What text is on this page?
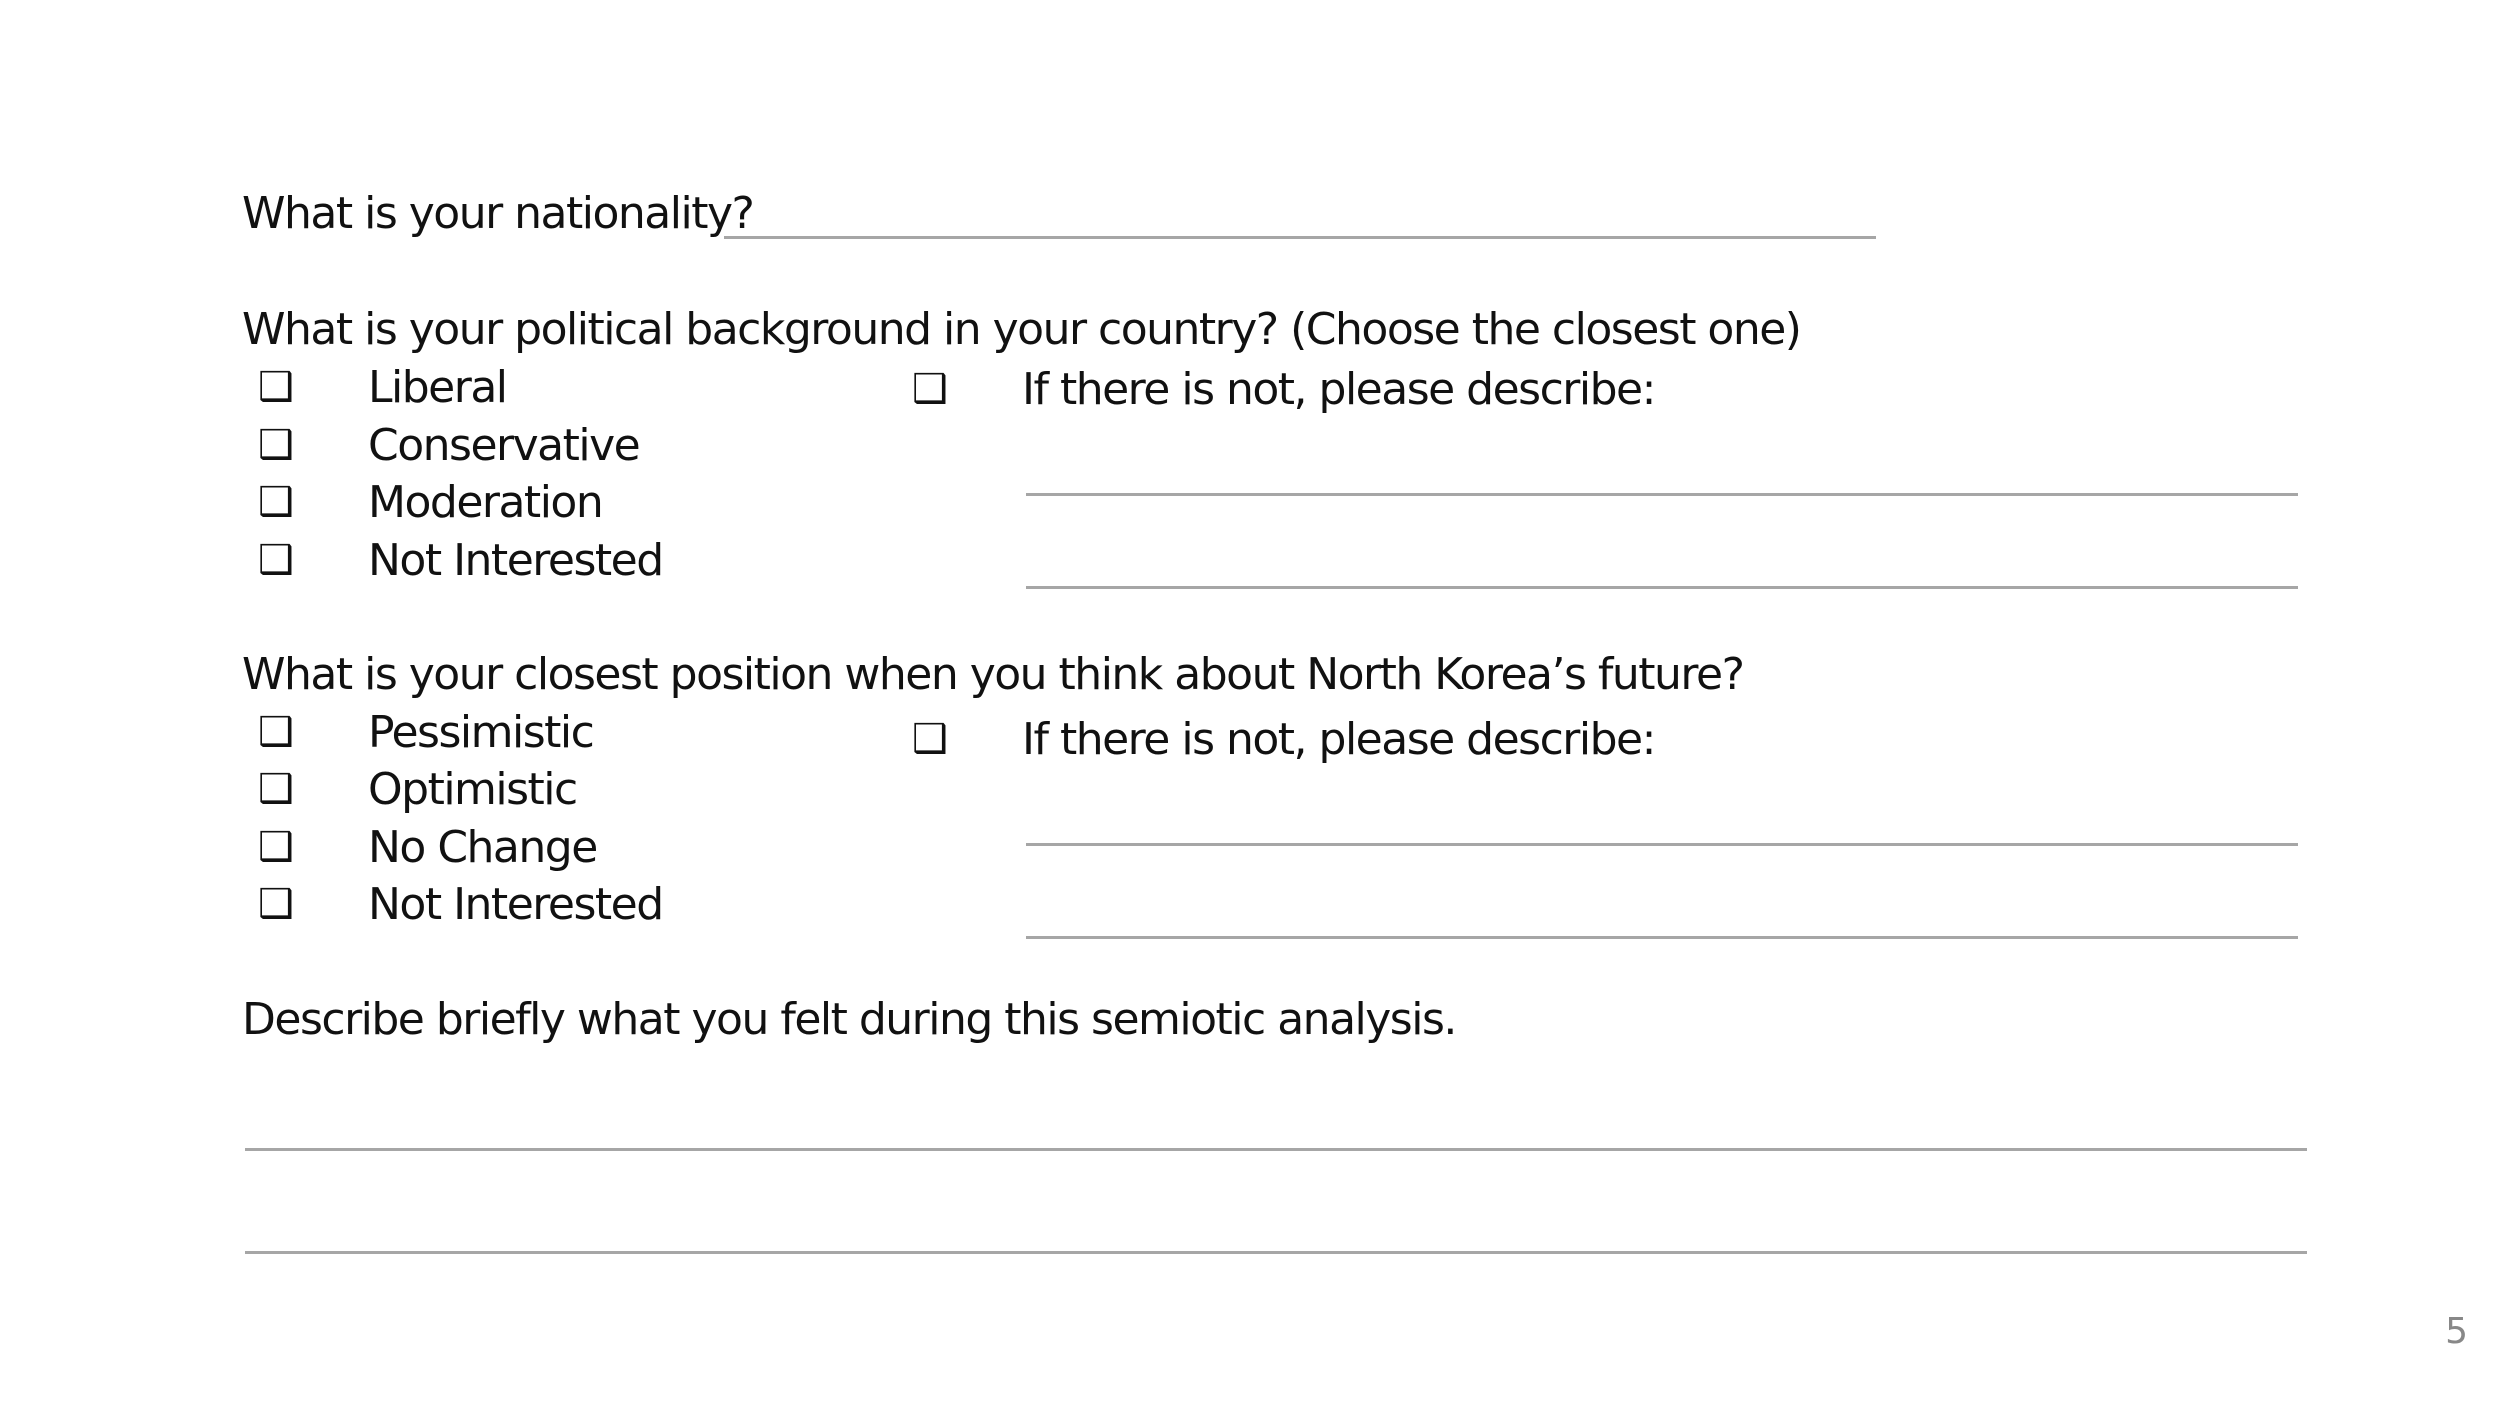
What is your nationality?
What is your political background in your country? (Choose the closest one)
❑ Liberal
❑ Conservative
❑ Moderation
❑ Not Interested
❑ If there is not, please describe:
What is your closest position when you think about North Korea’s future?
❑ Pessimistic
❑ Optimistic
❑ No Change
❑ Not Interested
❑ If there is not, please describe:
Describe briefly what you felt during this semiotic analysis.
5
